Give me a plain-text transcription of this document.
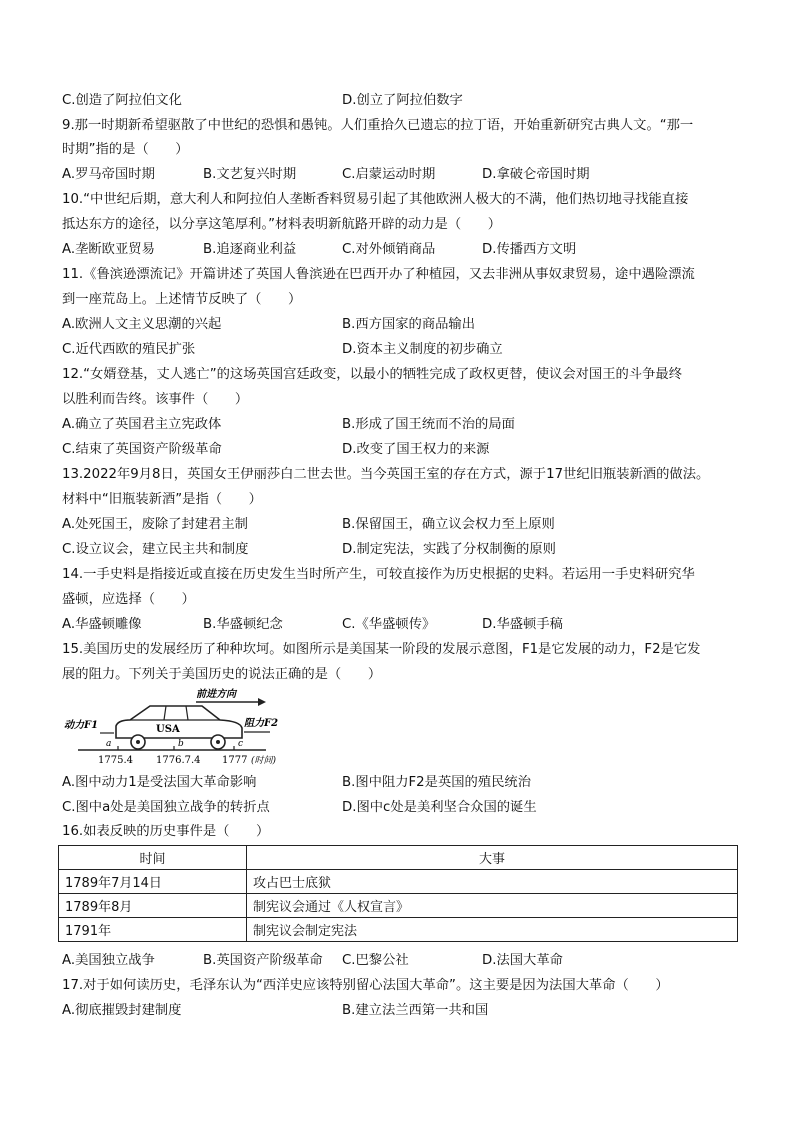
C.创造了阿拉伯文化	D.创立了阿拉伯数字
9.那一时期新希望驱散了中世纪的恐惧和愚钝。人们重拾久已遗忘的拉丁语，开始重新研究古典人文。“那一
时期”指的是（　　）
A.罗马帝国时期	B.文艺复兴时期	C.启蒙运动时期	D.拿破仑帝国时期
10.“中世纪后期，意大利人和阿拉伯人垄断香料贸易引起了其他欧洲人极大的不满，他们热切地寻找能直接
抵达东方的途径，以分享这笔厚利。”材料表明新航路开辟的动力是（　　）
A.垄断欧亚贸易	B.追逐商业利益	C.对外倾销商品	D.传播西方文明
11.《鲁滨逊漂流记》开篇讲述了英国人鲁滨逊在巴西开办了种植园，又去非洲从事奴隶贸易，途中遇险漂流
到一座荒岛上。上述情节反映了（　　）
A.欧洲人文主义思潮的兴起	B.西方国家的商品输出
C.近代西欧的殖民扩张	D.资本主义制度的初步确立
12.“女婿登基，丈人逃亡”的这场英国宫廷政变，以最小的牺牲完成了政权更替，使议会对国王的斗争最终
以胜利而告终。该事件（　　）
A.确立了英国君主立宪政体	B.形成了国王统而不治的局面
C.结束了英国资产阶级革命	D.改变了国王权力的来源
13.2022年9月8日，英国女王伊丽莎白二世去世。当今英国王室的存在方式，源于17世纪旧瓶装新酒的做法。
材料中“旧瓶装新酒”是指（　　）
A.处死国王，废除了封建君主制	B.保留国王，确立议会权力至上原则
C.设立议会，建立民主共和制度	D.制定宪法，实践了分权制衡的原则
14.一手史料是指接近或直接在历史发生当时所产生，可较直接作为历史根据的史料。若运用一手史料研究华
盛顿，应选择（　　）
A.华盛顿雕像	B.华盛顿纪念	C.《华盛顿传》	D.华盛顿手稿
15.美国历史的发展经历了种种坎坷。如图所示是美国某一阶段的发展示意图，F1是它发展的动力，F2是它发
展的阻力。下列关于美国历史的说法正确的是（　　）
前进方向
USA
动力F1	阻力F2
a	b	c
1775.4 1776.7.4 1777 (时间)
A.图中动力1是受法国大革命影响	B.图中阻力F2是英国的殖民统治
C.图中a处是美国独立战争的转折点	D.图中c处是美利坚合众国的诞生
16.如表反映的历史事件是（　　）
时间	大事
1789年7月14日	攻占巴士底狱
1789年8月	制宪议会通过《人权宣言》
1791年	制宪议会制定宪法
A.美国独立战争	B.英国资产阶级革命 C.巴黎公社	D.法国大革命
17.对于如何读历史，毛泽东认为“西洋史应该特别留心法国大革命”。这主要是因为法国大革命（　　）
A.彻底摧毁封建制度	B.建立法兰西第一共和国
